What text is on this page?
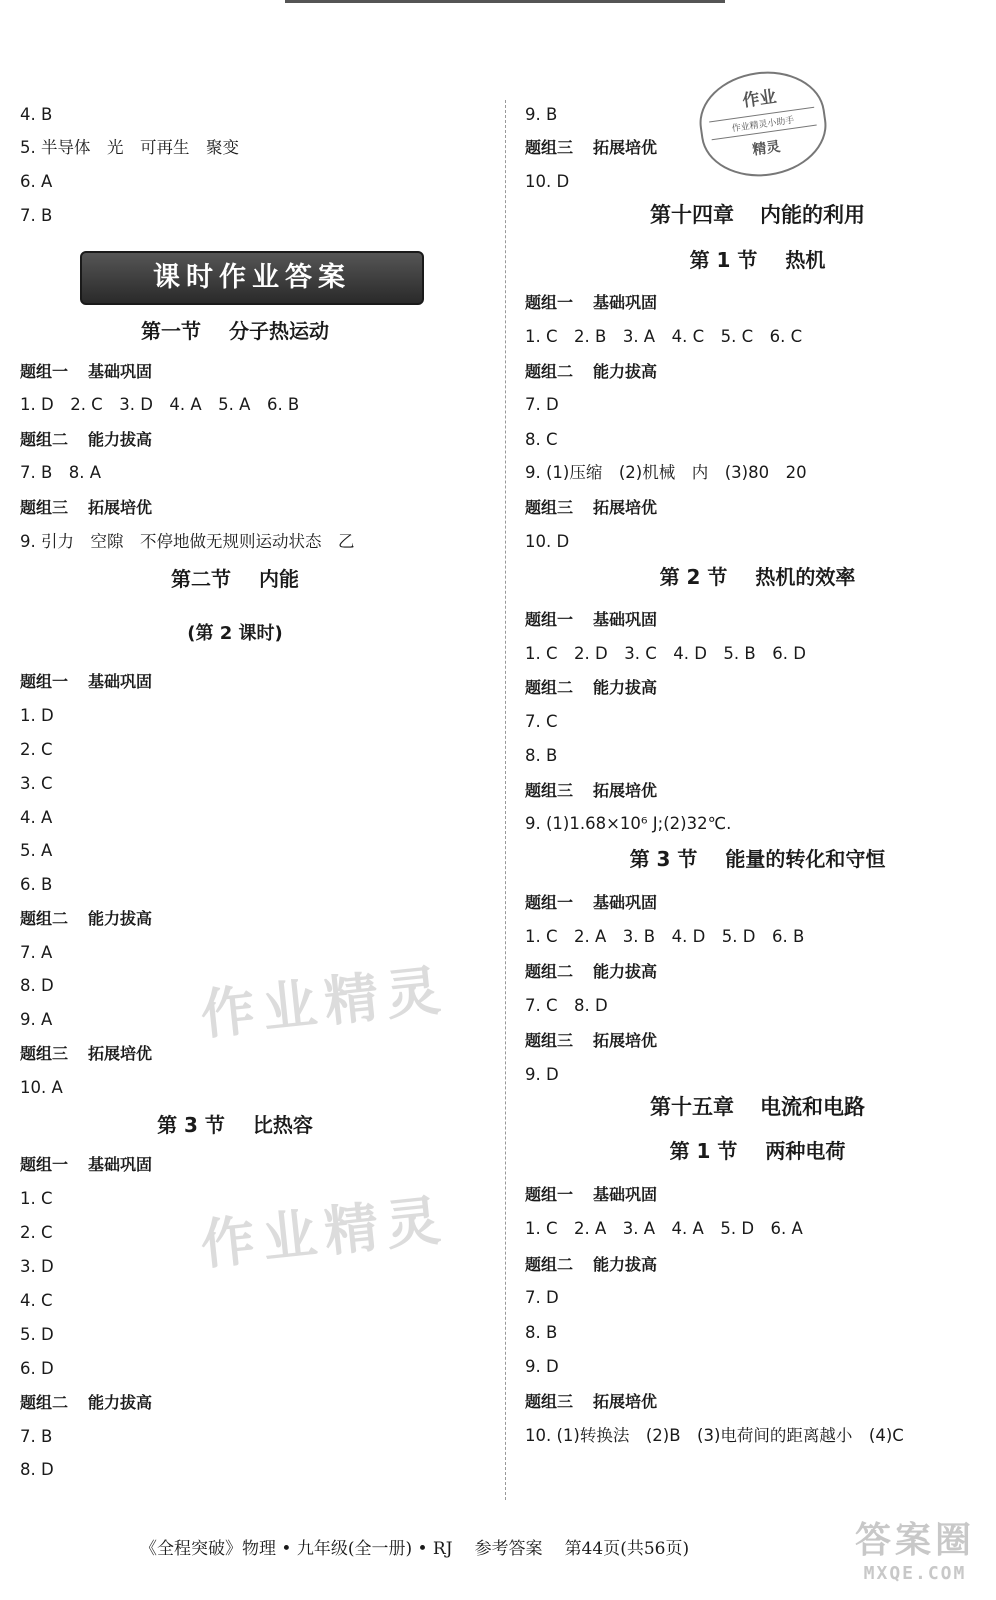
4. B
5. 半导体　光　可再生　聚变
6. A
7. B
第一节 分子热运动
题组一 基础巩固
1. D　2. C　3. D　4. A　5. A　6. B
题组二 能力拔高
7. B　8. A
题组三 拓展培优
9. 引力　空隙　不停地做无规则运动状态　乙
第二节 内能
(第 2 课时)
题组一 基础巩固
1. D
2. C
3. C
4. A
5. A
6. B
题组二 能力拔高
7. A
8. D
9. A
题组三 拓展培优
10. A
第 3 节 比热容
题组一 基础巩固
1. C
2. C
3. D
4. C
5. D
6. D
题组二 能力拔高
7. B
8. D
9. B
题组三 拓展培优
10. D
第十四章 内能的利用
第 1 节 热机
题组一 基础巩固
1. C　2. B　3. A　4. C　5. C　6. C
题组二 能力拔高
7. D
8. C
9. (1)压缩　(2)机械　内　(3)80　20
题组三 拓展培优
10. D
第 2 节 热机的效率
题组一 基础巩固
1. C　2. D　3. C　4. D　5. B　6. D
题组二 能力拔高
7. C
8. B
题组三 拓展培优
9. (1)1.68×10⁶ J;(2)32℃.
第 3 节 能量的转化和守恒
题组一 基础巩固
1. C　2. A　3. B　4. D　5. D　6. B
题组二 能力拔高
7. C　8. D
题组三 拓展培优
9. D
第十五章 电流和电路
第 1 节 两种电荷
题组一 基础巩固
1. C　2. A　3. A　4. A　5. D　6. A
题组二 能力拔高
7. D
8. B
9. D
题组三 拓展培优
10. (1)转换法　(2)B　(3)电荷间的距离越小　(4)C
课时作业答案
作业
作业精灵小助手
精灵
作业精灵
作业精灵
《全程突破》物理 • 九年级(全一册) • RJ 参考答案 第44页(共56页)	答案圈
MXQE.COM
